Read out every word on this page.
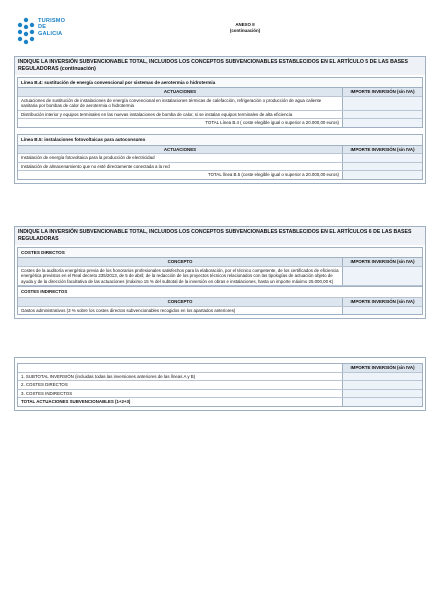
TURISMO
DE
GALICIA
ANEXO II
(continuación)
INDIQUE LA INVERSIÓN SUBVENCIONABLE TOTAL, INCLUIDOS LOS CONCEPTOS SUBVENCIONABLES ESTABLECIDOS EN EL ARTÍCULO 5 DE LAS BASES REGULADORAS (continuación)
Línea B.4: sustitución de energía convencional por sistemas de aerotermia o hidrotermia
ACTUACIONES	IMPORTE INVERSIÓN (sin IVA)
Actuaciones de sustitución de instalaciones de energía convencional en instalaciones térmicas de calefacción, refrigeración o producción de agua caliente sanitaria por bombas de calor de aerotermia o hidrotermia
Distribución interior y equipos terminales en las nuevas instalaciones de bomba de calor, si se instalan equipos terminales de alta eficiencia
TOTAL Línea B.4 ( coste elegible igual o superior a 20.000,00 euros)
Línea B.5: instalaciones fotovoltaicas para autoconsumo
ACTUACIONES	IMPORTE INVERSIÓN (sin IVA)
Instalación de energía fotovoltaica para la producción de electricidad
Instalación de almacenamiento que no esté directamente conectada a la red
TOTAL línea B.5 (coste elegible igual o superior a 20.000,00 euros)
INDIQUE LA INVERSIÓN SUBVENCIONABLE TOTAL, INCLUIDOS LOS CONCEPTOS SUBVENCIONABLES ESTABLECIDOS EN EL ARTÍCULOS 6 DE LAS BASES REGULADORAS
COSTES DIRECTOS
CONCEPTO	IMPORTE INVERSIÓN (sin IVA)
Costes de la auditoría energética previa de los honorarios profesionales satisfechos para la elaboración, por el técnico competente, de los certificados de eficiencia energética previstos en el Real decreto 235/2013, de 5 de abril; de la redacción de los proyectos técnicos relacionados con las tipologías de actuación objeto de ayuda y de la dirección facultativa de las actuaciones (máximo 15 % del subtotal de la inversión en obras e instalaciones, hasta un importe máximo 25.000,00 €)
COSTES INDIRECTOS
CONCEPTO	IMPORTE INVERSIÓN (sin IVA)
Gastos administrativos (3 % sobre los costes directos subvencionables recogidos en los apartados anteriores)
IMPORTE INVERSIÓN (sin IVA)
1. SUBTOTAL INVERSIÓN (incluidas todas las inversiones anteriores de las líneas A y B)
2. COSTES DIRECTOS
3. COSTES INDIRECTOS
TOTAL ACTUACIONES SUBVENCIONABLES (1+2+3)
